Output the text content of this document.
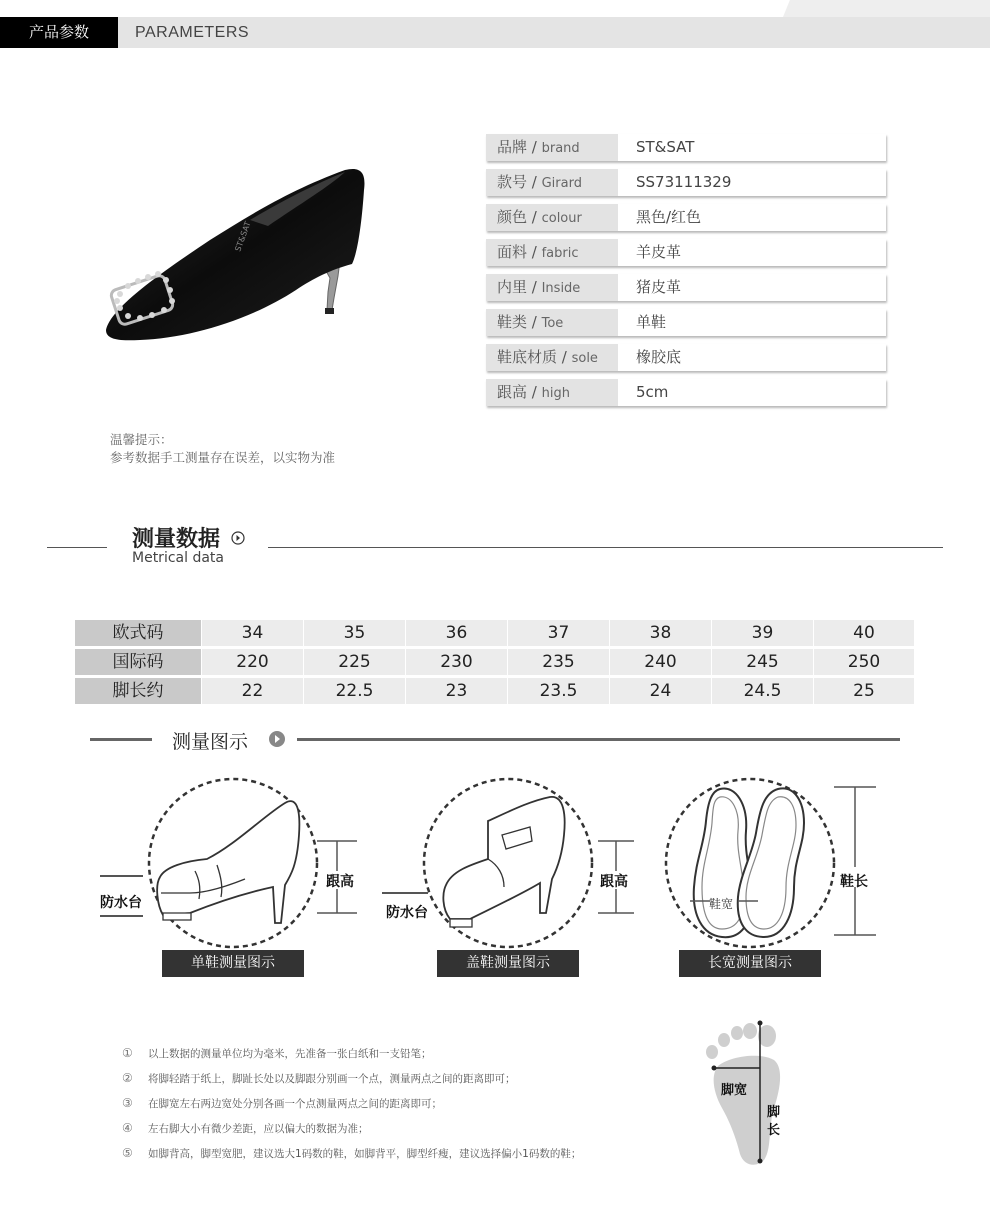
产品参数	PARAMETERS
ST&SAT
品牌 / brand	ST&SAT
款号 / Girard	SS73111329
颜色 / colour	黑色/红色
面料 / fabric	羊皮革
内里 / Inside	猪皮革
鞋类 / Toe	单鞋
鞋底材质 / sole	橡胶底
跟高 / high	5cm
温馨提示：
参考数据手工测量存在误差，以实物为准
测量数据
Metrical data
欧式码	34	35	36	37	38	39	40
国际码	220	225	230	235	240	245	250
脚长约	22	22.5	23	23.5	24	24.5	25
测量图示
防水台
跟高
单鞋测量图示
防水台
跟高
盖鞋测量图示
鞋宽
鞋长
长宽测量图示
① 以上数据的测量单位均为毫米，先准备一张白纸和一支铅笔；
② 将脚轻踏于纸上，脚趾长处以及脚跟分别画一个点，测量两点之间的距离即可；
③ 在脚宽左右两边宽处分别各画一个点测量两点之间的距离即可；
④ 左右脚大小有微少差距，应以偏大的数据为准；
⑤ 如脚背高，脚型宽肥，建议选大1码数的鞋，如脚背平，脚型纤瘦，建议选择偏小1码数的鞋；
脚宽
脚
长
